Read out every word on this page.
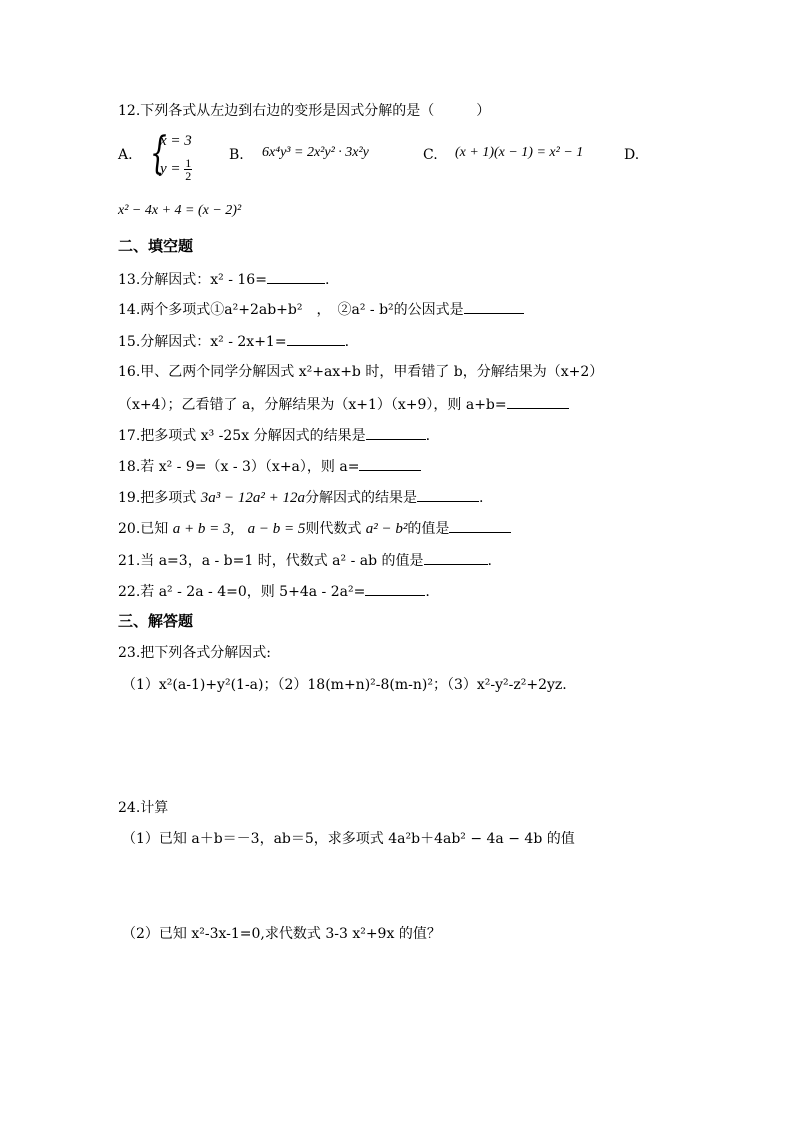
12.下列各式从左边到右边的变形是因式分解的是（　　　）
A. {
x = 3
$y = \frac{1}{2}$
B. 6x⁴y³ = 2x²y² · 3x²y	C. (x + 1)(x − 1) = x² − 1	D.
x² − 4x + 4 = (x − 2)²
二、填空题
13.分解因式：x² - 16=	.
14.两个多项式①a²+2ab+b²　，　②a² - b²的公因式是
15.分解因式：x² - 2x+1=	.
16.甲、乙两个同学分解因式 x²+ax+b 时，甲看错了 b，分解结果为（x+2）
（x+4）；乙看错了 a，分解结果为（x+1）（x+9），则 a+b=
17.把多项式 x³ -25x 分解因式的结果是	.
18.若 x² - 9=（x - 3）（x+a），则 a=
19.把多项式 3a³ − 12a² + 12a分解因式的结果是	.
20.已知 a + b = 3, a − b = 5则代数式 a² − b²的值是
21.当 a=3，a - b=1 时，代数式 a² - ab 的值是	.
22.若 a² - 2a - 4=0，则 5+4a - 2a²=	.
三、解答题
23.把下列各式分解因式:
（1）x²(a-1)+y²(1-a)；（2）18(m+n)²-8(m-n)²；（3）x²-y²-z²+2yz.
24.计算
（1）已知 a＋b＝－3，ab＝5，求多项式 4a²b＋4ab² − 4a − 4b 的值
（2）已知 x²-3x-1=0,求代数式 3-3 x²+9x 的值？
